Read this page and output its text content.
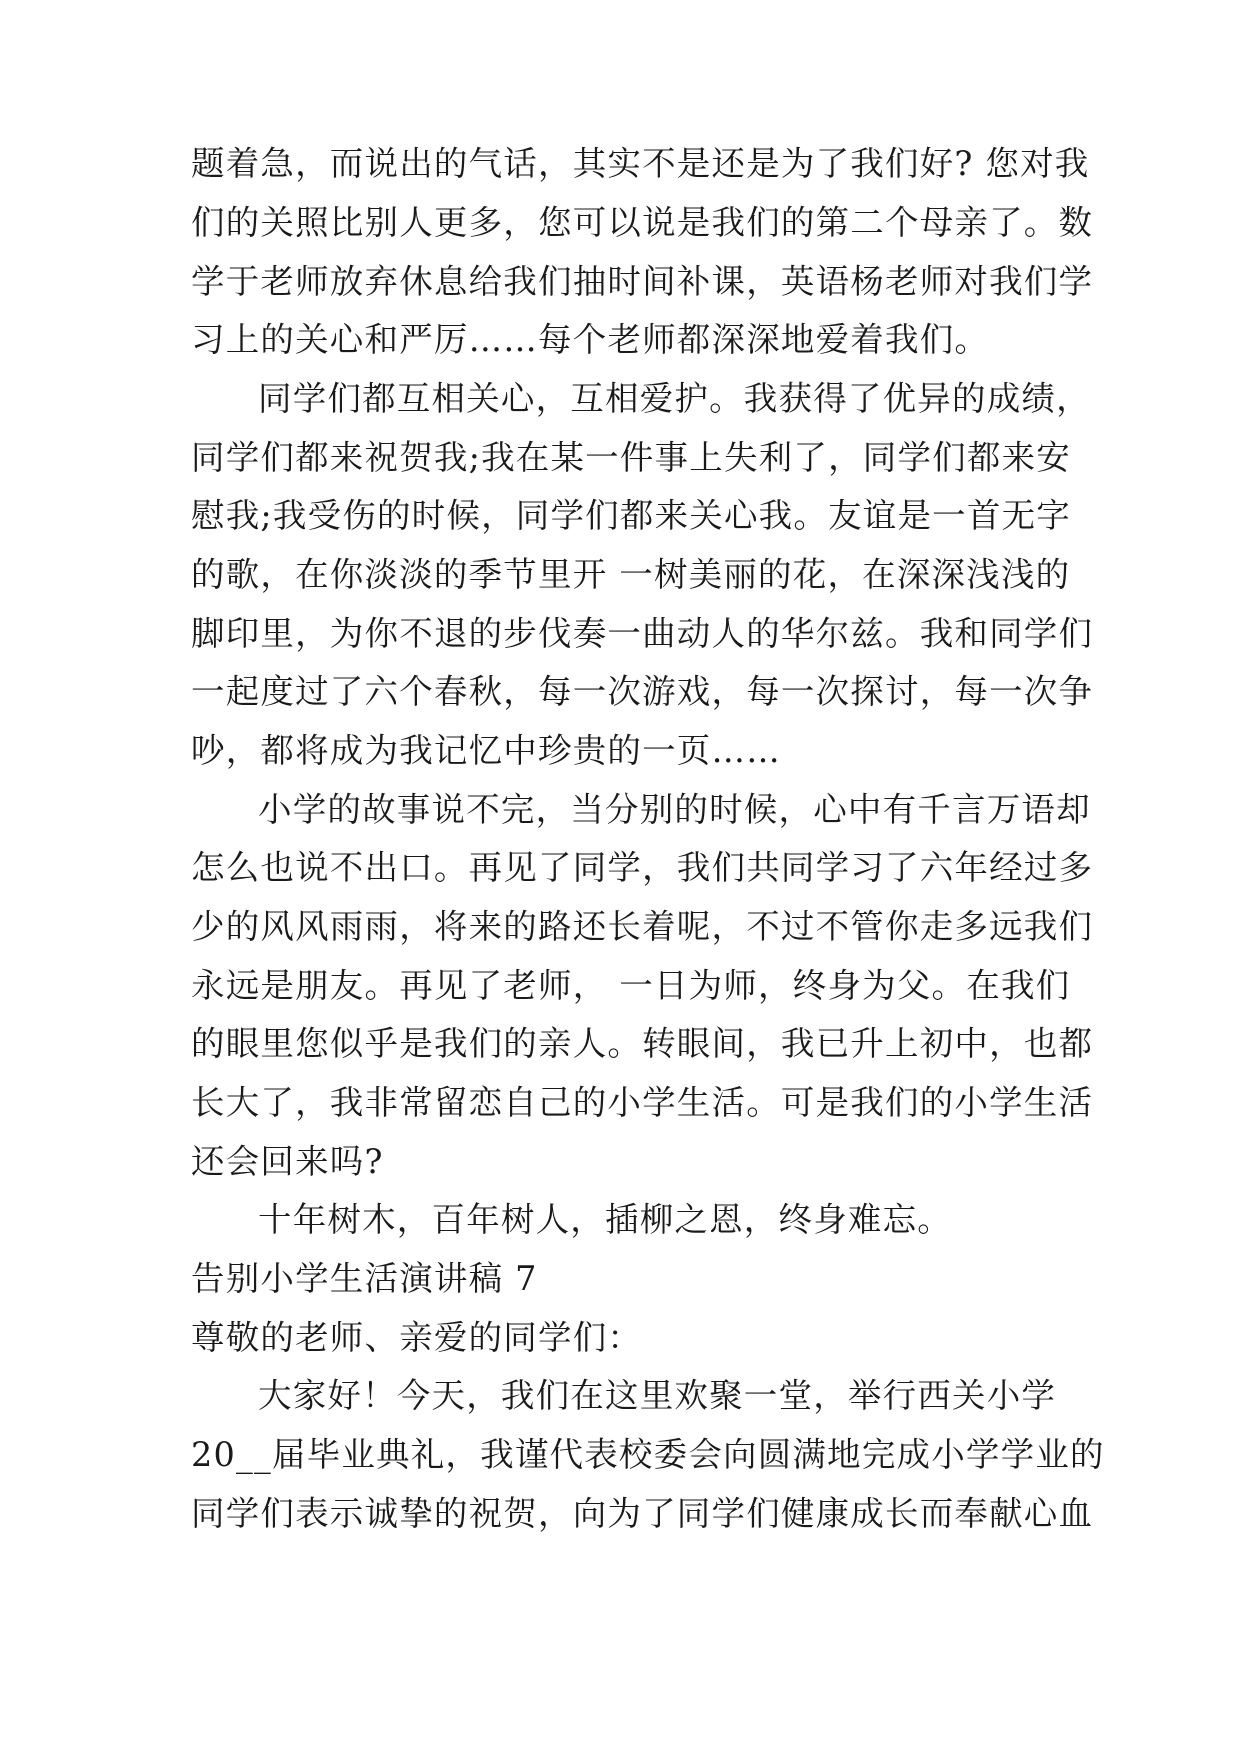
题着急，而说出的气话，其实不是还是为了我们好? 您对我
们的关照比别人更多，您可以说是我们的第二个母亲了。数
学于老师放弃休息给我们抽时间补课，英语杨老师对我们学
习上的关心和严厉……每个老师都深深地爱着我们。
同学们都互相关心，互相爱护。我获得了优异的成绩，
同学们都来祝贺我;我在某一件事上失利了，同学们都来安
慰我;我受伤的时候，同学们都来关心我。友谊是一首无字
的歌，在你淡淡的季节里开 一树美丽的花，在深深浅浅的
脚印里，为你不退的步伐奏一曲动人的华尔兹。我和同学们
一起度过了六个春秋，每一次游戏，每一次探讨，每一次争
吵，都将成为我记忆中珍贵的一页……
小学的故事说不完，当分别的时候，心中有千言万语却
怎么也说不出口。再见了同学，我们共同学习了六年经过多
少的风风雨雨，将来的路还长着呢，不过不管你走多远我们
永远是朋友。再见了老师， 一日为师，终身为父。在我们
的眼里您似乎是我们的亲人。转眼间，我已升上初中，也都
长大了，我非常留恋自己的小学生活。可是我们的小学生活
还会回来吗?
十年树木，百年树人，插柳之恩，终身难忘。
告别小学生活演讲稿 7
尊敬的老师、亲爱的同学们：
大家好！今天，我们在这里欢聚一堂，举行西关小学
20__届毕业典礼，我谨代表校委会向圆满地完成小学学业的
同学们表示诚挚的祝贺，向为了同学们健康成长而奉献心血
